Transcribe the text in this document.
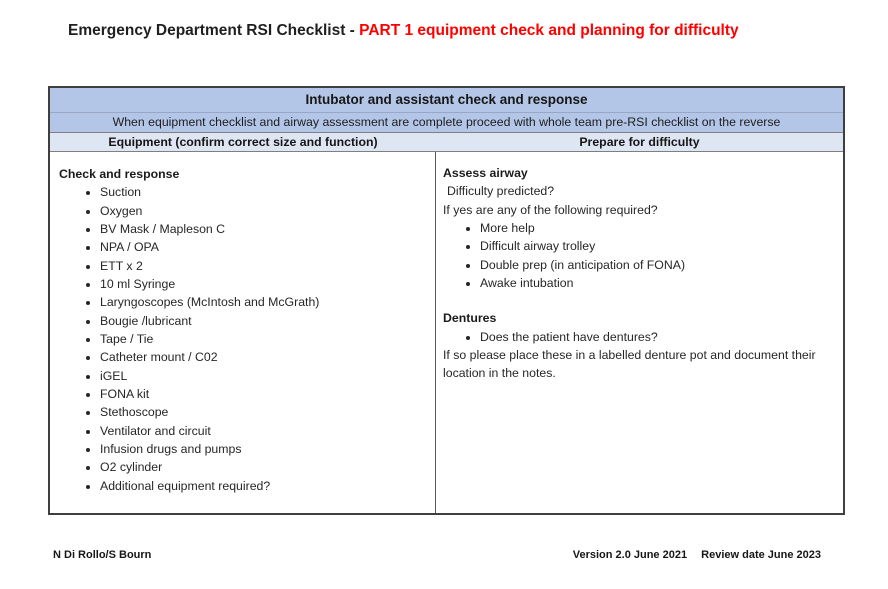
Emergency Department RSI Checklist - PART 1 equipment check and planning for difficulty
Intubator and assistant check and response
When equipment checklist and airway assessment are complete proceed with whole team pre-RSI checklist on the reverse
Equipment (confirm correct size and function)	Prepare for difficulty
Check and response
• Suction
• Oxygen
• BV Mask / Mapleson C
• NPA / OPA
• ETT x 2
• 10 ml Syringe
• Laryngoscopes (McIntosh and McGrath)
• Bougie /lubricant
• Tape / Tie
• Catheter mount / C02
• iGEL
• FONA kit
• Stethoscope
• Ventilator and circuit
• Infusion drugs and pumps
• O2 cylinder
• Additional equipment required?
Assess airway
Difficulty predicted?
If yes are any of the following required?
• More help
• Difficult airway trolley
• Double prep (in anticipation of FONA)
• Awake intubation
Dentures
• Does the patient have dentures?
If so please place these in a labelled denture pot and document their location in the notes.
N Di Rollo/S Bourn	Version 2.0 June 2021 Review date June 2023
